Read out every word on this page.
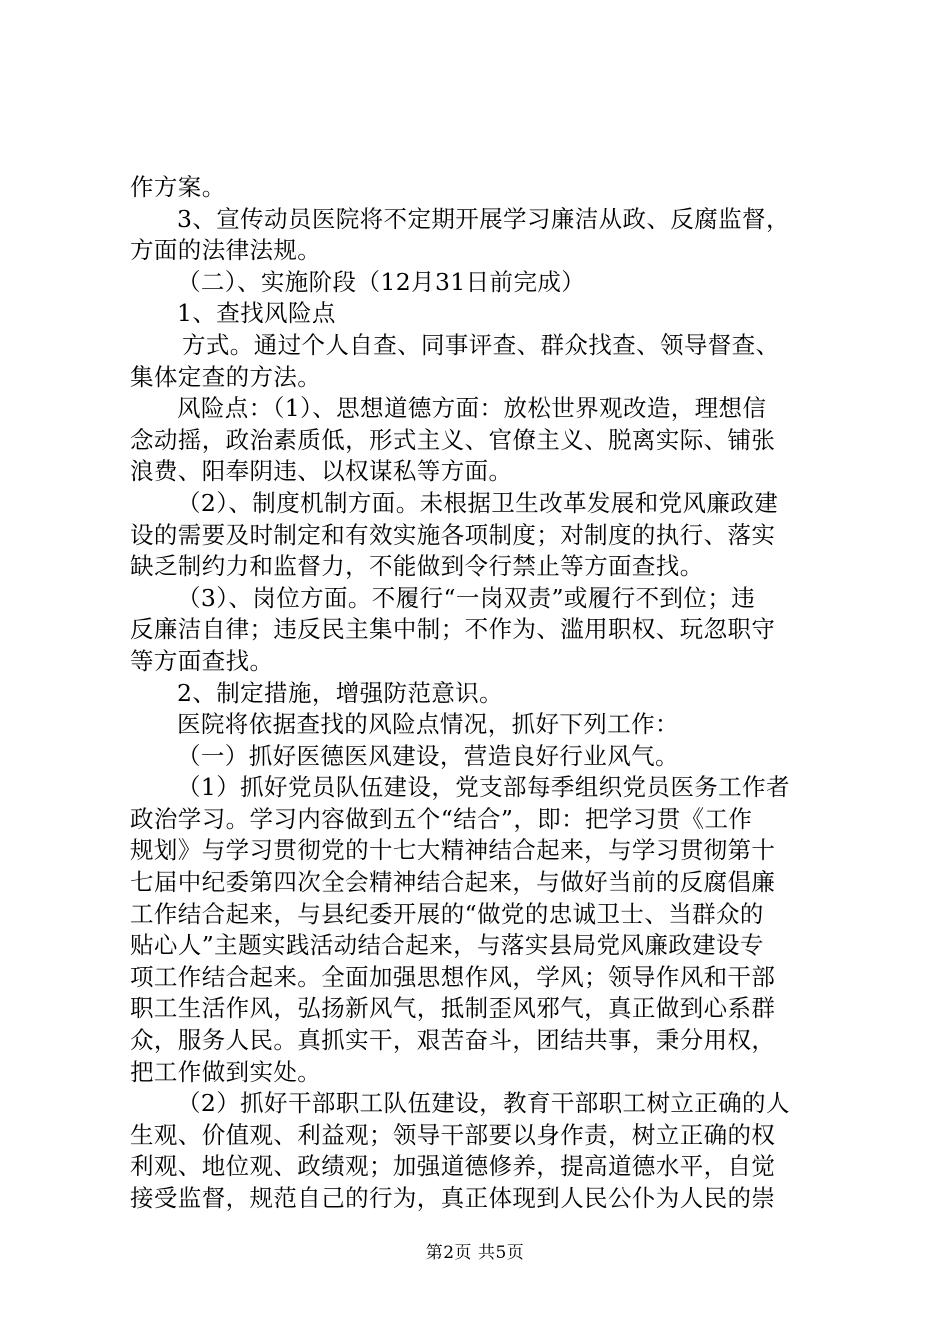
作方案。
3、宣传动员医院将不定期开展学习廉洁从政、反腐监督，
方面的法律法规。
（二）、实施阶段（12月31日前完成）
1、查找风险点
方式。通过个人自查、同事评查、群众找查、领导督查、
集体定查的方法。
风险点：（1）、思想道德方面：放松世界观改造，理想信
念动摇，政治素质低，形式主义、官僚主义、脱离实际、铺张
浪费、阳奉阴违、以权谋私等方面。
（2）、制度机制方面。未根据卫生改革发展和党风廉政建
设的需要及时制定和有效实施各项制度；对制度的执行、落实
缺乏制约力和监督力，不能做到令行禁止等方面查找。
（3）、岗位方面。不履行“一岗双责”或履行不到位；违
反廉洁自律；违反民主集中制；不作为、滥用职权、玩忽职守
等方面查找。
2、制定措施，增强防范意识。
医院将依据查找的风险点情况，抓好下列工作：
（一）抓好医德医风建设，营造良好行业风气。
（1）抓好党员队伍建设，党支部每季组织党员医务工作者
政治学习。学习内容做到五个“结合”，即：把学习贯《工作
规划》与学习贯彻党的十七大精神结合起来，与学习贯彻第十
七届中纪委第四次全会精神结合起来，与做好当前的反腐倡廉
工作结合起来，与县纪委开展的“做党的忠诚卫士、当群众的
贴心人”主题实践活动结合起来，与落实县局党风廉政建设专
项工作结合起来。全面加强思想作风，学风；领导作风和干部
职工生活作风，弘扬新风气，抵制歪风邪气，真正做到心系群
众，服务人民。真抓实干，艰苦奋斗，团结共事，秉分用权，
把工作做到实处。
（2）抓好干部职工队伍建设，教育干部职工树立正确的人
生观、价值观、利益观；领导干部要以身作责，树立正确的权
利观、地位观、政绩观；加强道德修养，提高道德水平，自觉
接受监督，规范自己的行为，真正体现到人民公仆为人民的崇
第2页 共5页
